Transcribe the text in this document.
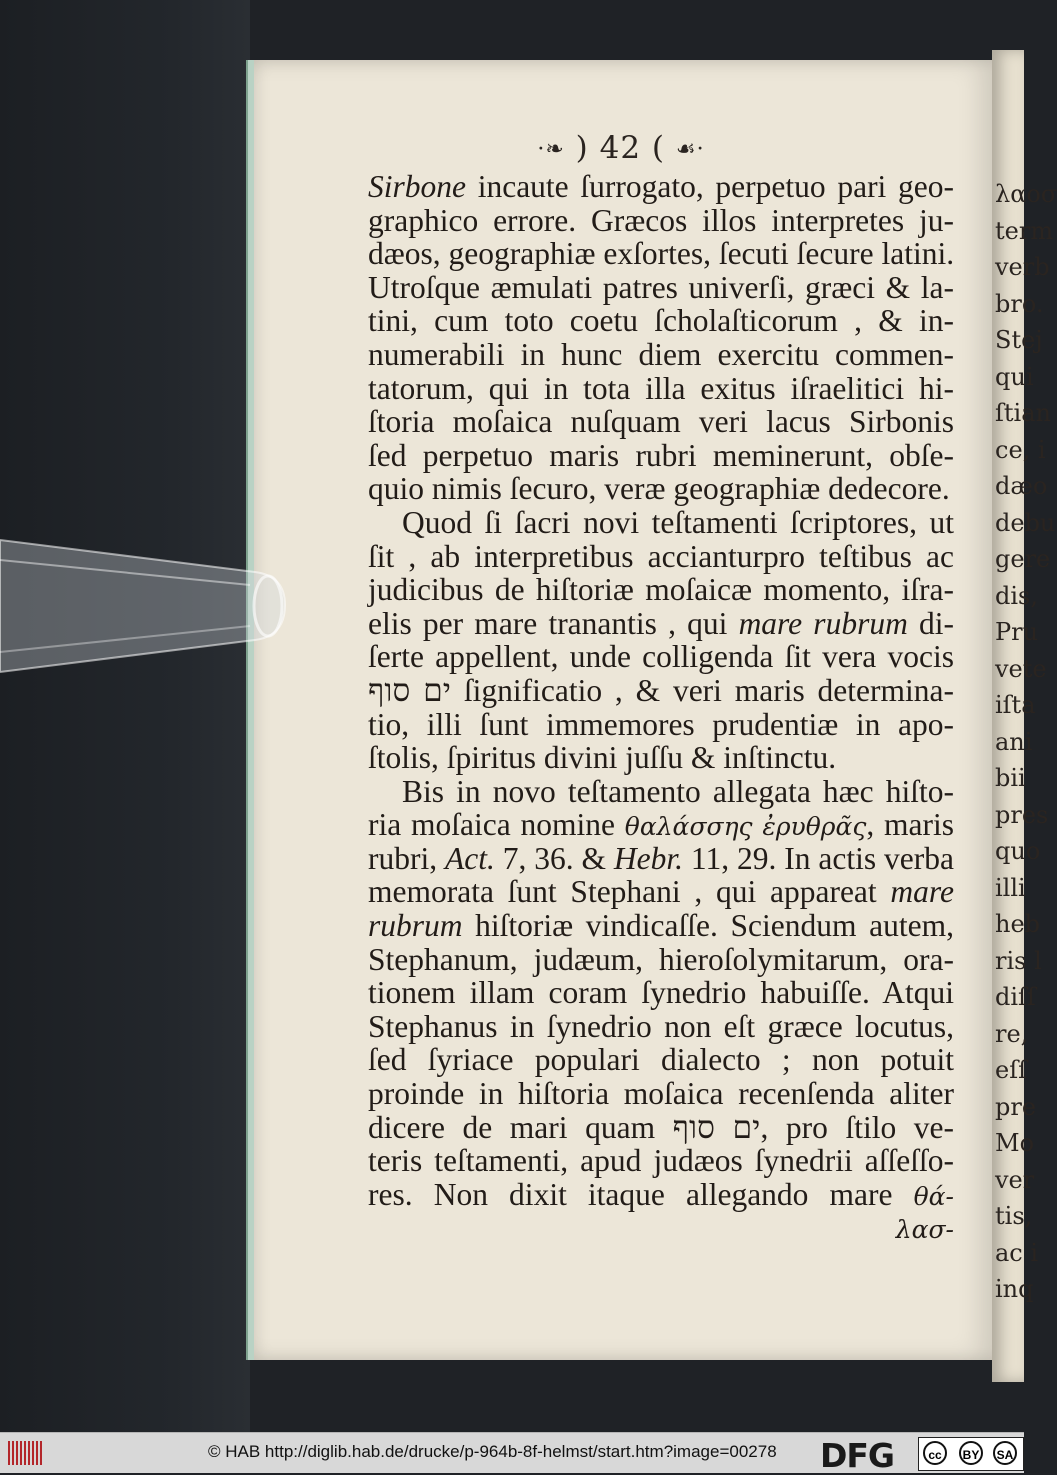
·❧ ) 42 ( ☙·
Sirbone incaute ſurrogato, perpetuo pari geo-
graphico errore. Græcos illos interpretes ju-
dæos, geographiæ exſortes, ſecuti ſecure latini.
Utroſque æmulati patres univerſi, græci & la-
tini, cum toto coetu ſcholaſticorum , & in-
numerabili in hunc diem exercitu commen-
tatorum, qui in tota illa exitus iſraelitici hi-
ſtoria moſaica nuſquam veri lacus Sirbonis
ſed perpetuo maris rubri meminerunt, obſe-
quio nimis ſecuro, veræ geographiæ dedecore.
Quod ſi ſacri novi teſtamenti ſcriptores, ut
ſit , ab interpretibus accianturpro teſtibus ac
judicibus de hiſtoriæ moſaicæ momento, iſra-
elis per mare tranantis , qui mare rubrum di-
ſerte appellent, unde colligenda ſit vera vocis
ים סוף ſignificatio , & veri maris determina-
tio, illi ſunt immemores prudentiæ in apo-
ſtolis, ſpiritus divini juſſu & inſtinctu.
Bis in novo teſtamento allegata hæc hiſto-
ria moſaica nomine θαλάσσης ἐρυθρᾶς, maris
rubri, Act. 7, 36. & Hebr. 11, 29. In actis verba
memorata ſunt Stephani , qui appareat mare
rubrum hiſtoriæ vindicaſſe. Sciendum autem,
Stephanum, judæum, hieroſolymitarum, ora-
tionem illam coram ſynedrio habuiſſe. Atqui
Stephanus in ſynedrio non eſt græce locutus,
ſed ſyriace populari dialecto ; non potuit
proinde in hiſtoria moſaica recenſenda aliter
dicere de mari quam ים סוף, pro ſtilo ve-
teris teſtamenti, apud judæos ſynedrii aſſeſſo-
res. Non dixit itaque allegando mare θά-
λασ-
λαοσ
term
verb
bro.
Stej
qui
ſtian
ce, i
dæo
debu
gere
dis,
Pru
vete
iſta
ani
bii
pres
quo
illi
heb
ris l
diſſ
re,
eſſ
pre
Mo
ver
tis,
ac i
inq
© HAB http://diglib.hab.de/drucke/p-964b-8f-helmst/start.htm?image=00278 DFG	cc	BY	SA
